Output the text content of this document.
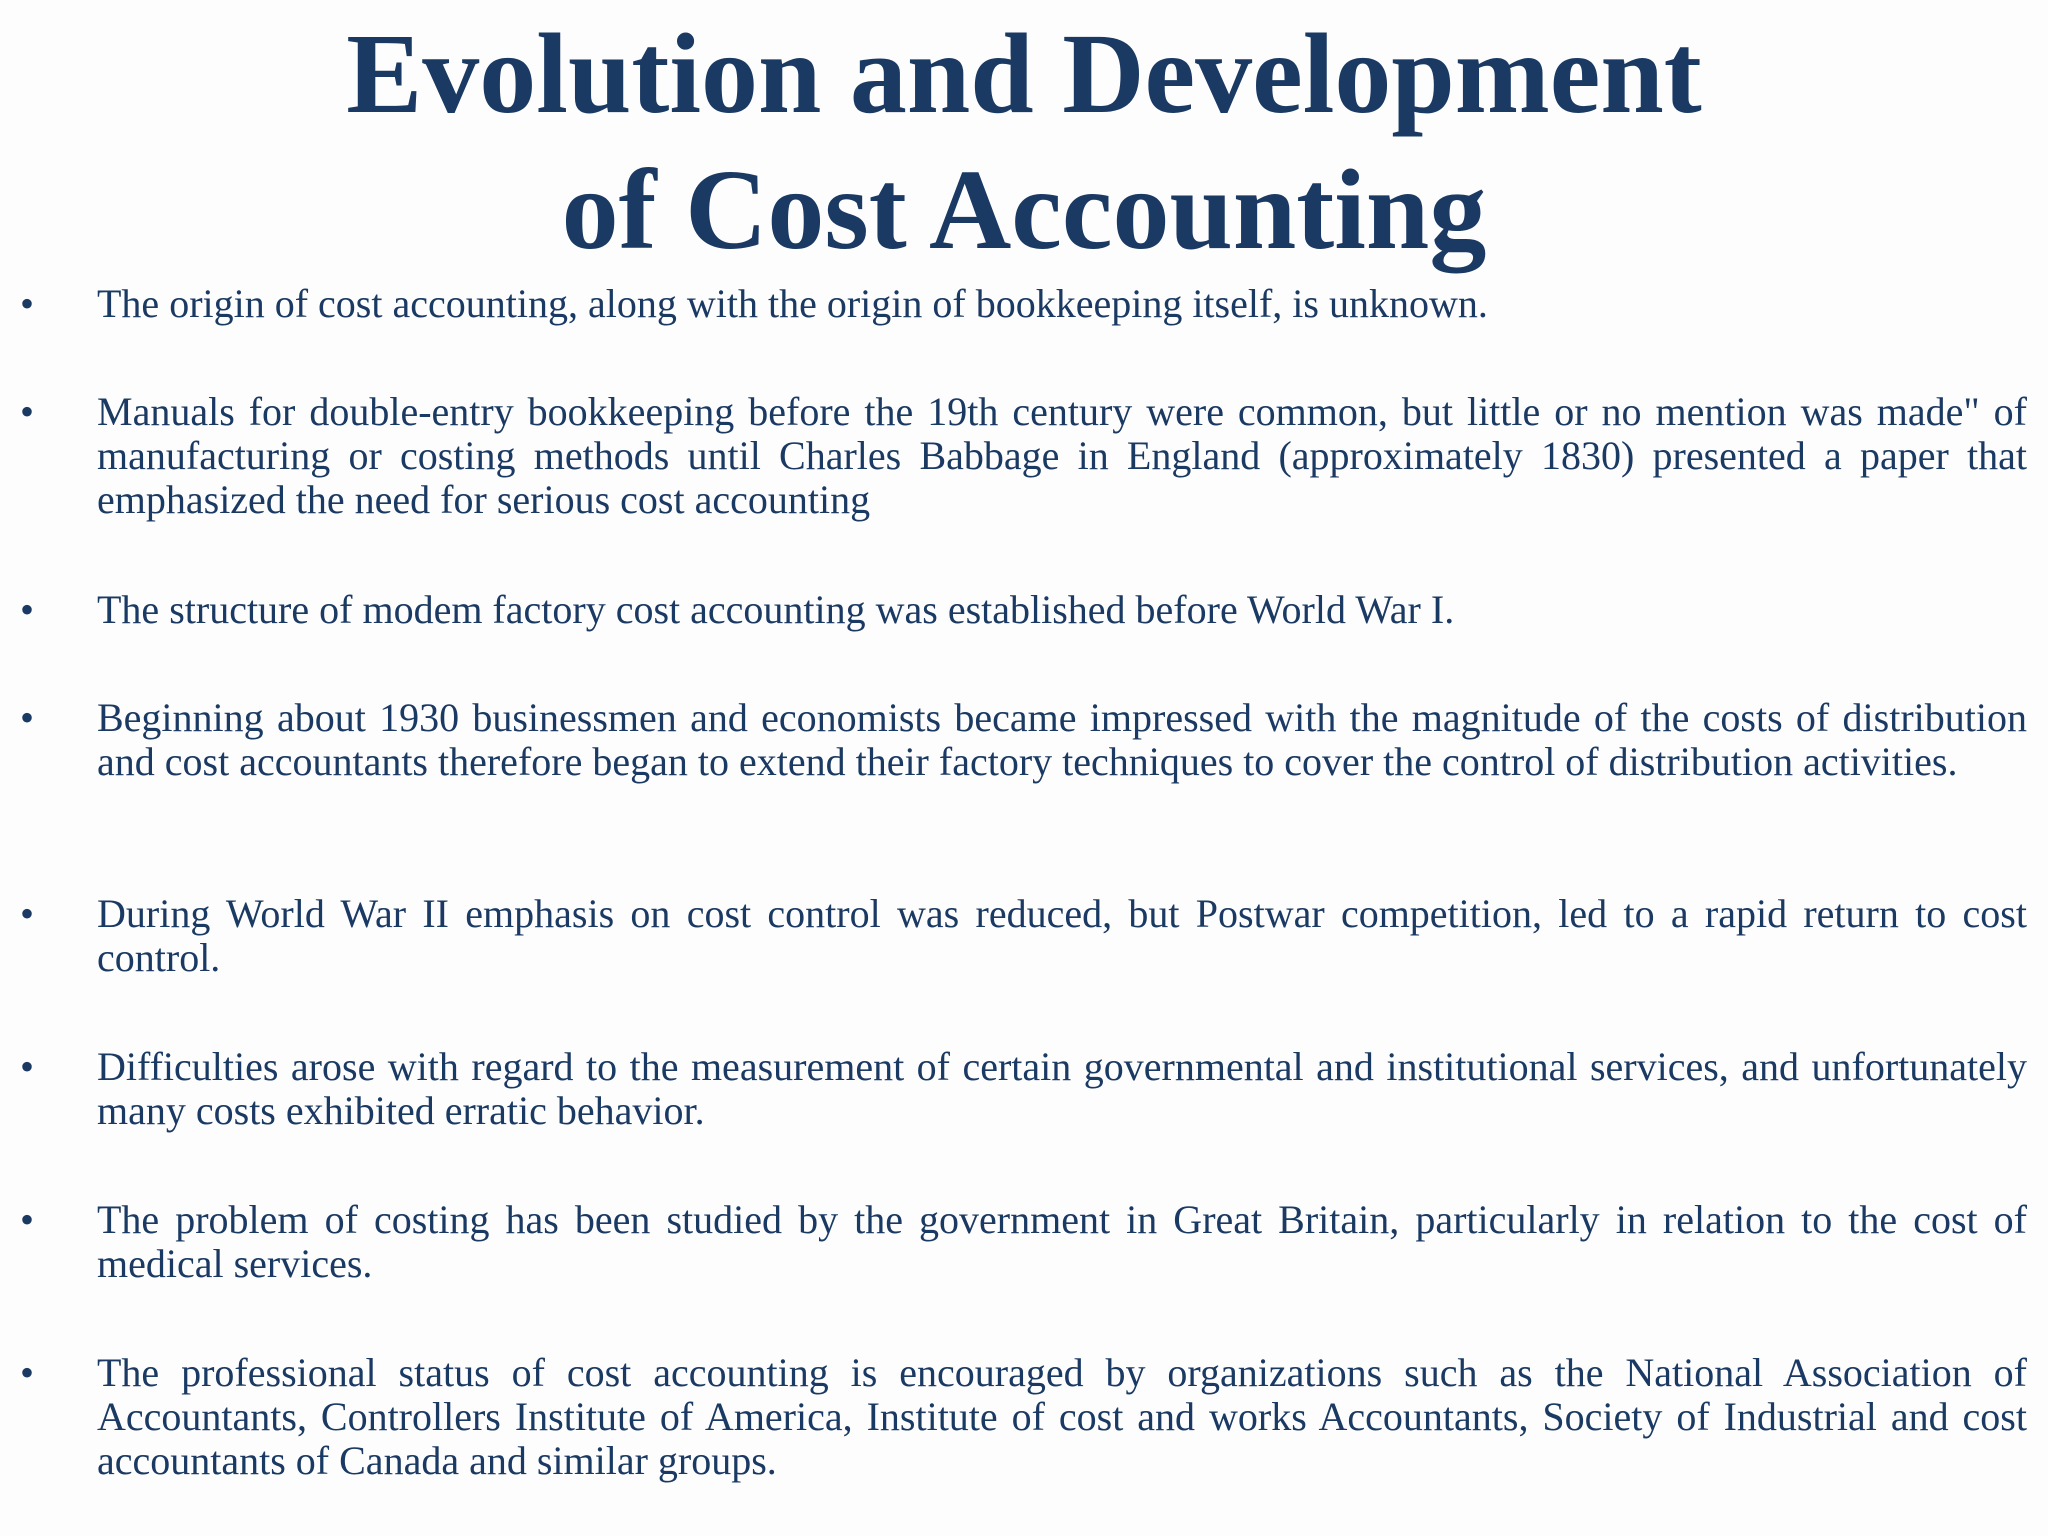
Evolution and Development
of Cost Accounting
• The origin of cost accounting, along with the origin of bookkeeping itself, is unknown.
• Manuals for double-entry bookkeeping before the 19th century were common, but little or no mention was made" of manufacturing or costing methods until Charles Babbage in England (approximately 1830) presented a paper that emphasized the need for serious cost accounting
• The structure of modem factory cost accounting was established before World War I.
• Beginning about 1930 businessmen and economists became impressed with the magnitude of the costs of distribution and cost accountants therefore began to extend their factory techniques to cover the control of distribution activities.
• During World War II emphasis on cost control was reduced, but Postwar competition, led to a rapid return to cost control.
• Difficulties arose with regard to the measurement of certain governmental and institutional services, and unfortunately many costs exhibited erratic behavior.
• The problem of costing has been studied by the government in Great Britain, particularly in relation to the cost of medical services.
• The professional status of cost accounting is encouraged by organizations such as the National Association of Accountants, Controllers Institute of America, Institute of cost and works Accountants, Society of Industrial and cost accountants of Canada and similar groups.
